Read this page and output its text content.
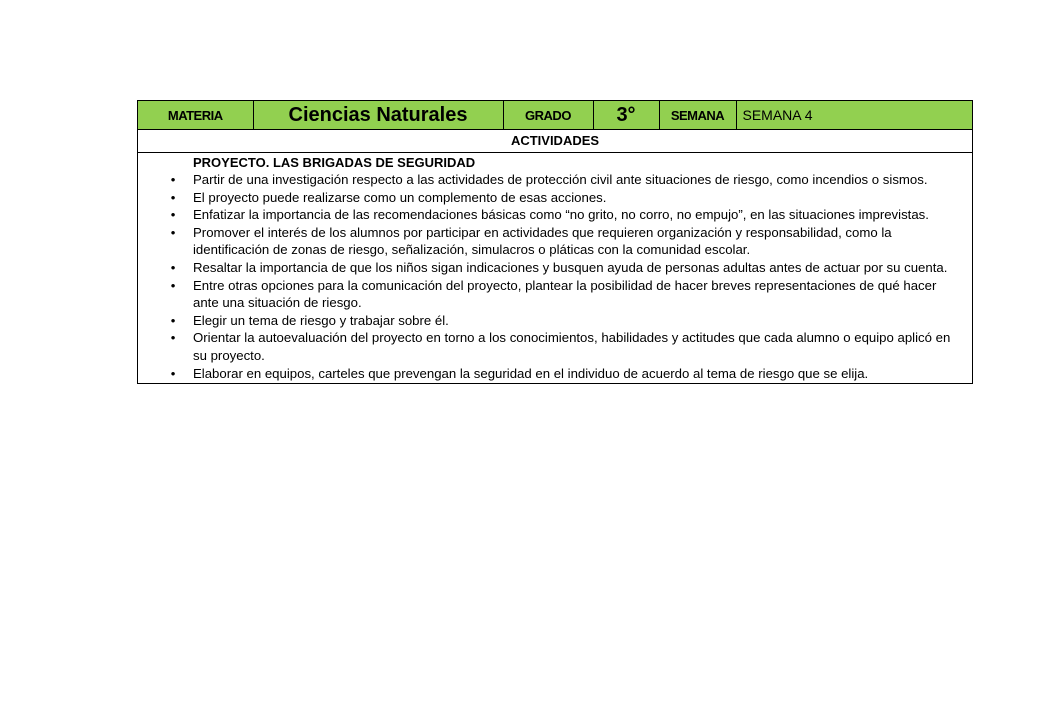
MATERIA	Ciencias Naturales	GRADO	3°	SEMANA	SEMANA 4
ACTIVIDADES
PROYECTO. LAS BRIGADAS DE SEGURIDAD
• Partir de una investigación respecto a las actividades de protección civil ante situaciones de riesgo, como incendios o sismos.
• El proyecto puede realizarse como un complemento de esas acciones.
• Enfatizar la importancia de las recomendaciones básicas como “no grito, no corro, no empujo”, en las situaciones imprevistas.
• Promover el interés de los alumnos por participar en actividades que requieren organización y responsabilidad, como la identificación de zonas de riesgo, señalización, simulacros o pláticas con la comunidad escolar.
• Resaltar la importancia de que los niños sigan indicaciones y busquen ayuda de personas adultas antes de actuar por su cuenta.
• Entre otras opciones para la comunicación del proyecto, plantear la posibilidad de hacer breves representaciones de qué hacer ante una situación de riesgo.
• Elegir un tema de riesgo y trabajar sobre él.
• Orientar la autoevaluación del proyecto en torno a los conocimientos, habilidades y actitudes que cada alumno o equipo aplicó en su proyecto.
• Elaborar en equipos, carteles que prevengan la seguridad en el individuo de acuerdo al tema de riesgo que se elija.
